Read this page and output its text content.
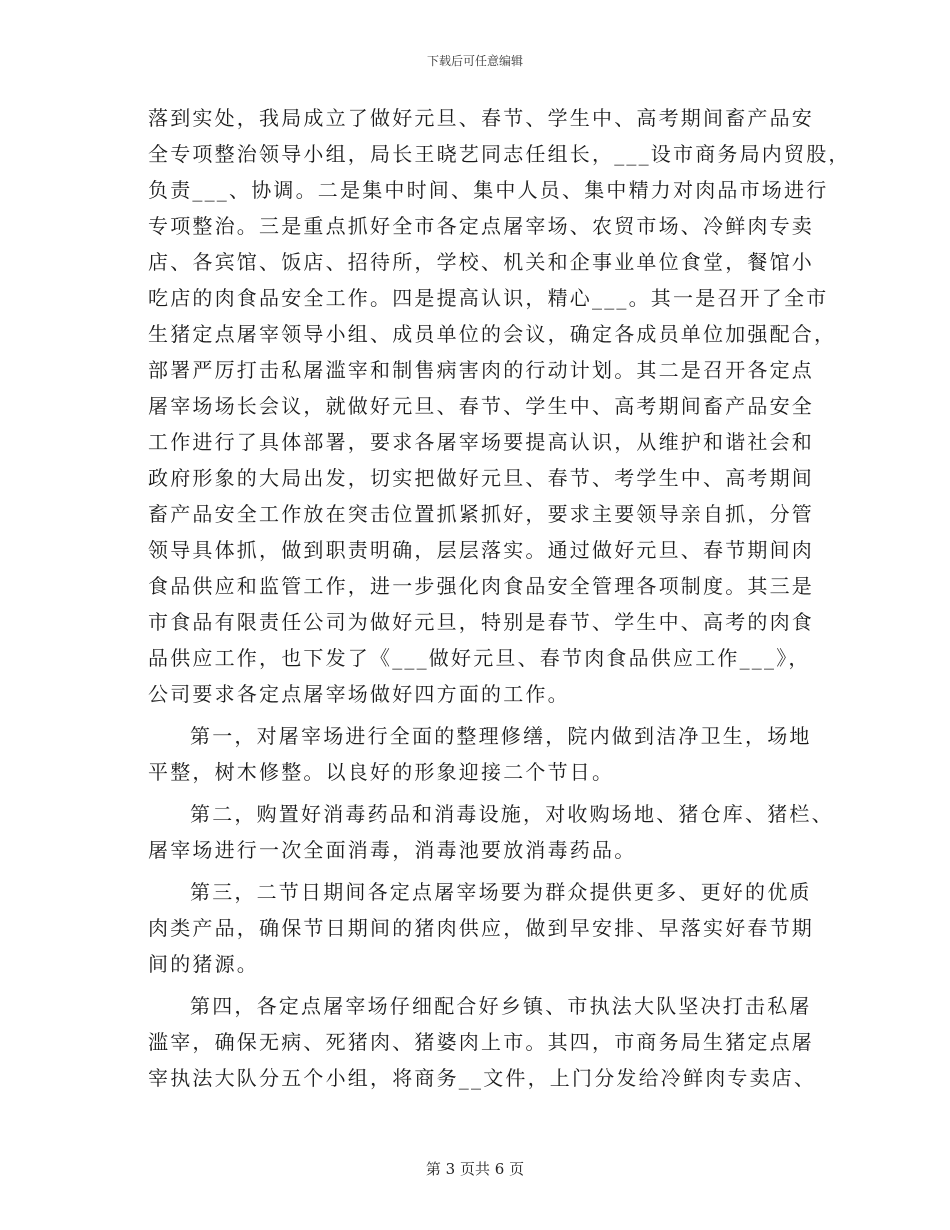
下载后可任意编辑
落到实处，我局成立了做好元旦、春节、学生中、高考期间畜产品安
全专项整治领导小组，局长王晓艺同志任组长，___设市商务局内贸股，
负责___、协调。二是集中时间、集中人员、集中精力对肉品市场进行
专项整治。三是重点抓好全市各定点屠宰场、农贸市场、冷鲜肉专卖
店、各宾馆、饭店、招待所，学校、机关和企事业单位食堂，餐馆小
吃店的肉食品安全工作。四是提高认识，精心___。其一是召开了全市
生猪定点屠宰领导小组、成员单位的会议，确定各成员单位加强配合，
部署严厉打击私屠滥宰和制售病害肉的行动计划。其二是召开各定点
屠宰场场长会议，就做好元旦、春节、学生中、高考期间畜产品安全
工作进行了具体部署，要求各屠宰场要提高认识，从维护和谐社会和
政府形象的大局出发，切实把做好元旦、春节、考学生中、高考期间
畜产品安全工作放在突击位置抓紧抓好，要求主要领导亲自抓，分管
领导具体抓，做到职责明确，层层落实。通过做好元旦、春节期间肉
食品供应和监管工作，进一步强化肉食品安全管理各项制度。其三是
市食品有限责任公司为做好元旦，特别是春节、学生中、高考的肉食
品供应工作，也下发了《___做好元旦、春节肉食品供应工作___》，
公司要求各定点屠宰场做好四方面的工作。
第一，对屠宰场进行全面的整理修缮，院内做到洁净卫生，场地
平整，树木修整。以良好的形象迎接二个节日。
第二，购置好消毒药品和消毒设施，对收购场地、猪仓库、猪栏、
屠宰场进行一次全面消毒，消毒池要放消毒药品。
第三，二节日期间各定点屠宰场要为群众提供更多、更好的优质
肉类产品，确保节日期间的猪肉供应，做到早安排、早落实好春节期
间的猪源。
第四，各定点屠宰场仔细配合好乡镇、市执法大队坚决打击私屠
滥宰，确保无病、死猪肉、猪婆肉上市。其四，市商务局生猪定点屠
宰执法大队分五个小组，将商务__文件，上门分发给冷鲜肉专卖店、
第 3 页共 6 页
